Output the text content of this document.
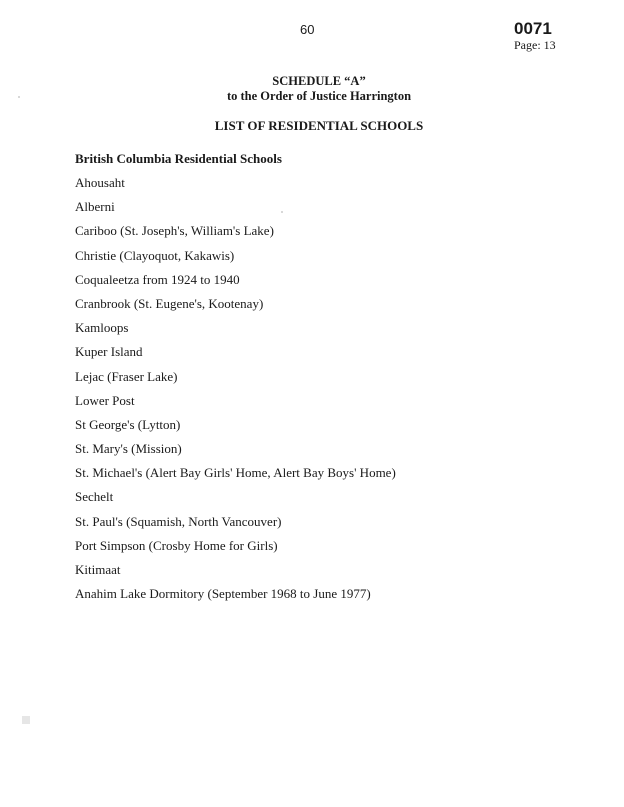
60	0071
Page: 13
SCHEDULE “A”
to the Order of Justice Harrington
LIST OF RESIDENTIAL SCHOOLS
British Columbia Residential Schools
Ahousaht
Alberni
Cariboo (St. Joseph's, William's Lake)
Christie (Clayoquot, Kakawis)
Coqualeetza from 1924 to 1940
Cranbrook (St. Eugene's, Kootenay)
Kamloops
Kuper Island
Lejac (Fraser Lake)
Lower Post
St George's (Lytton)
St. Mary's (Mission)
St. Michael's (Alert Bay Girls' Home, Alert Bay Boys' Home)
Sechelt
St. Paul's (Squamish, North Vancouver)
Port Simpson (Crosby Home for Girls)
Kitimaat
Anahim Lake Dormitory (September 1968 to June 1977)
